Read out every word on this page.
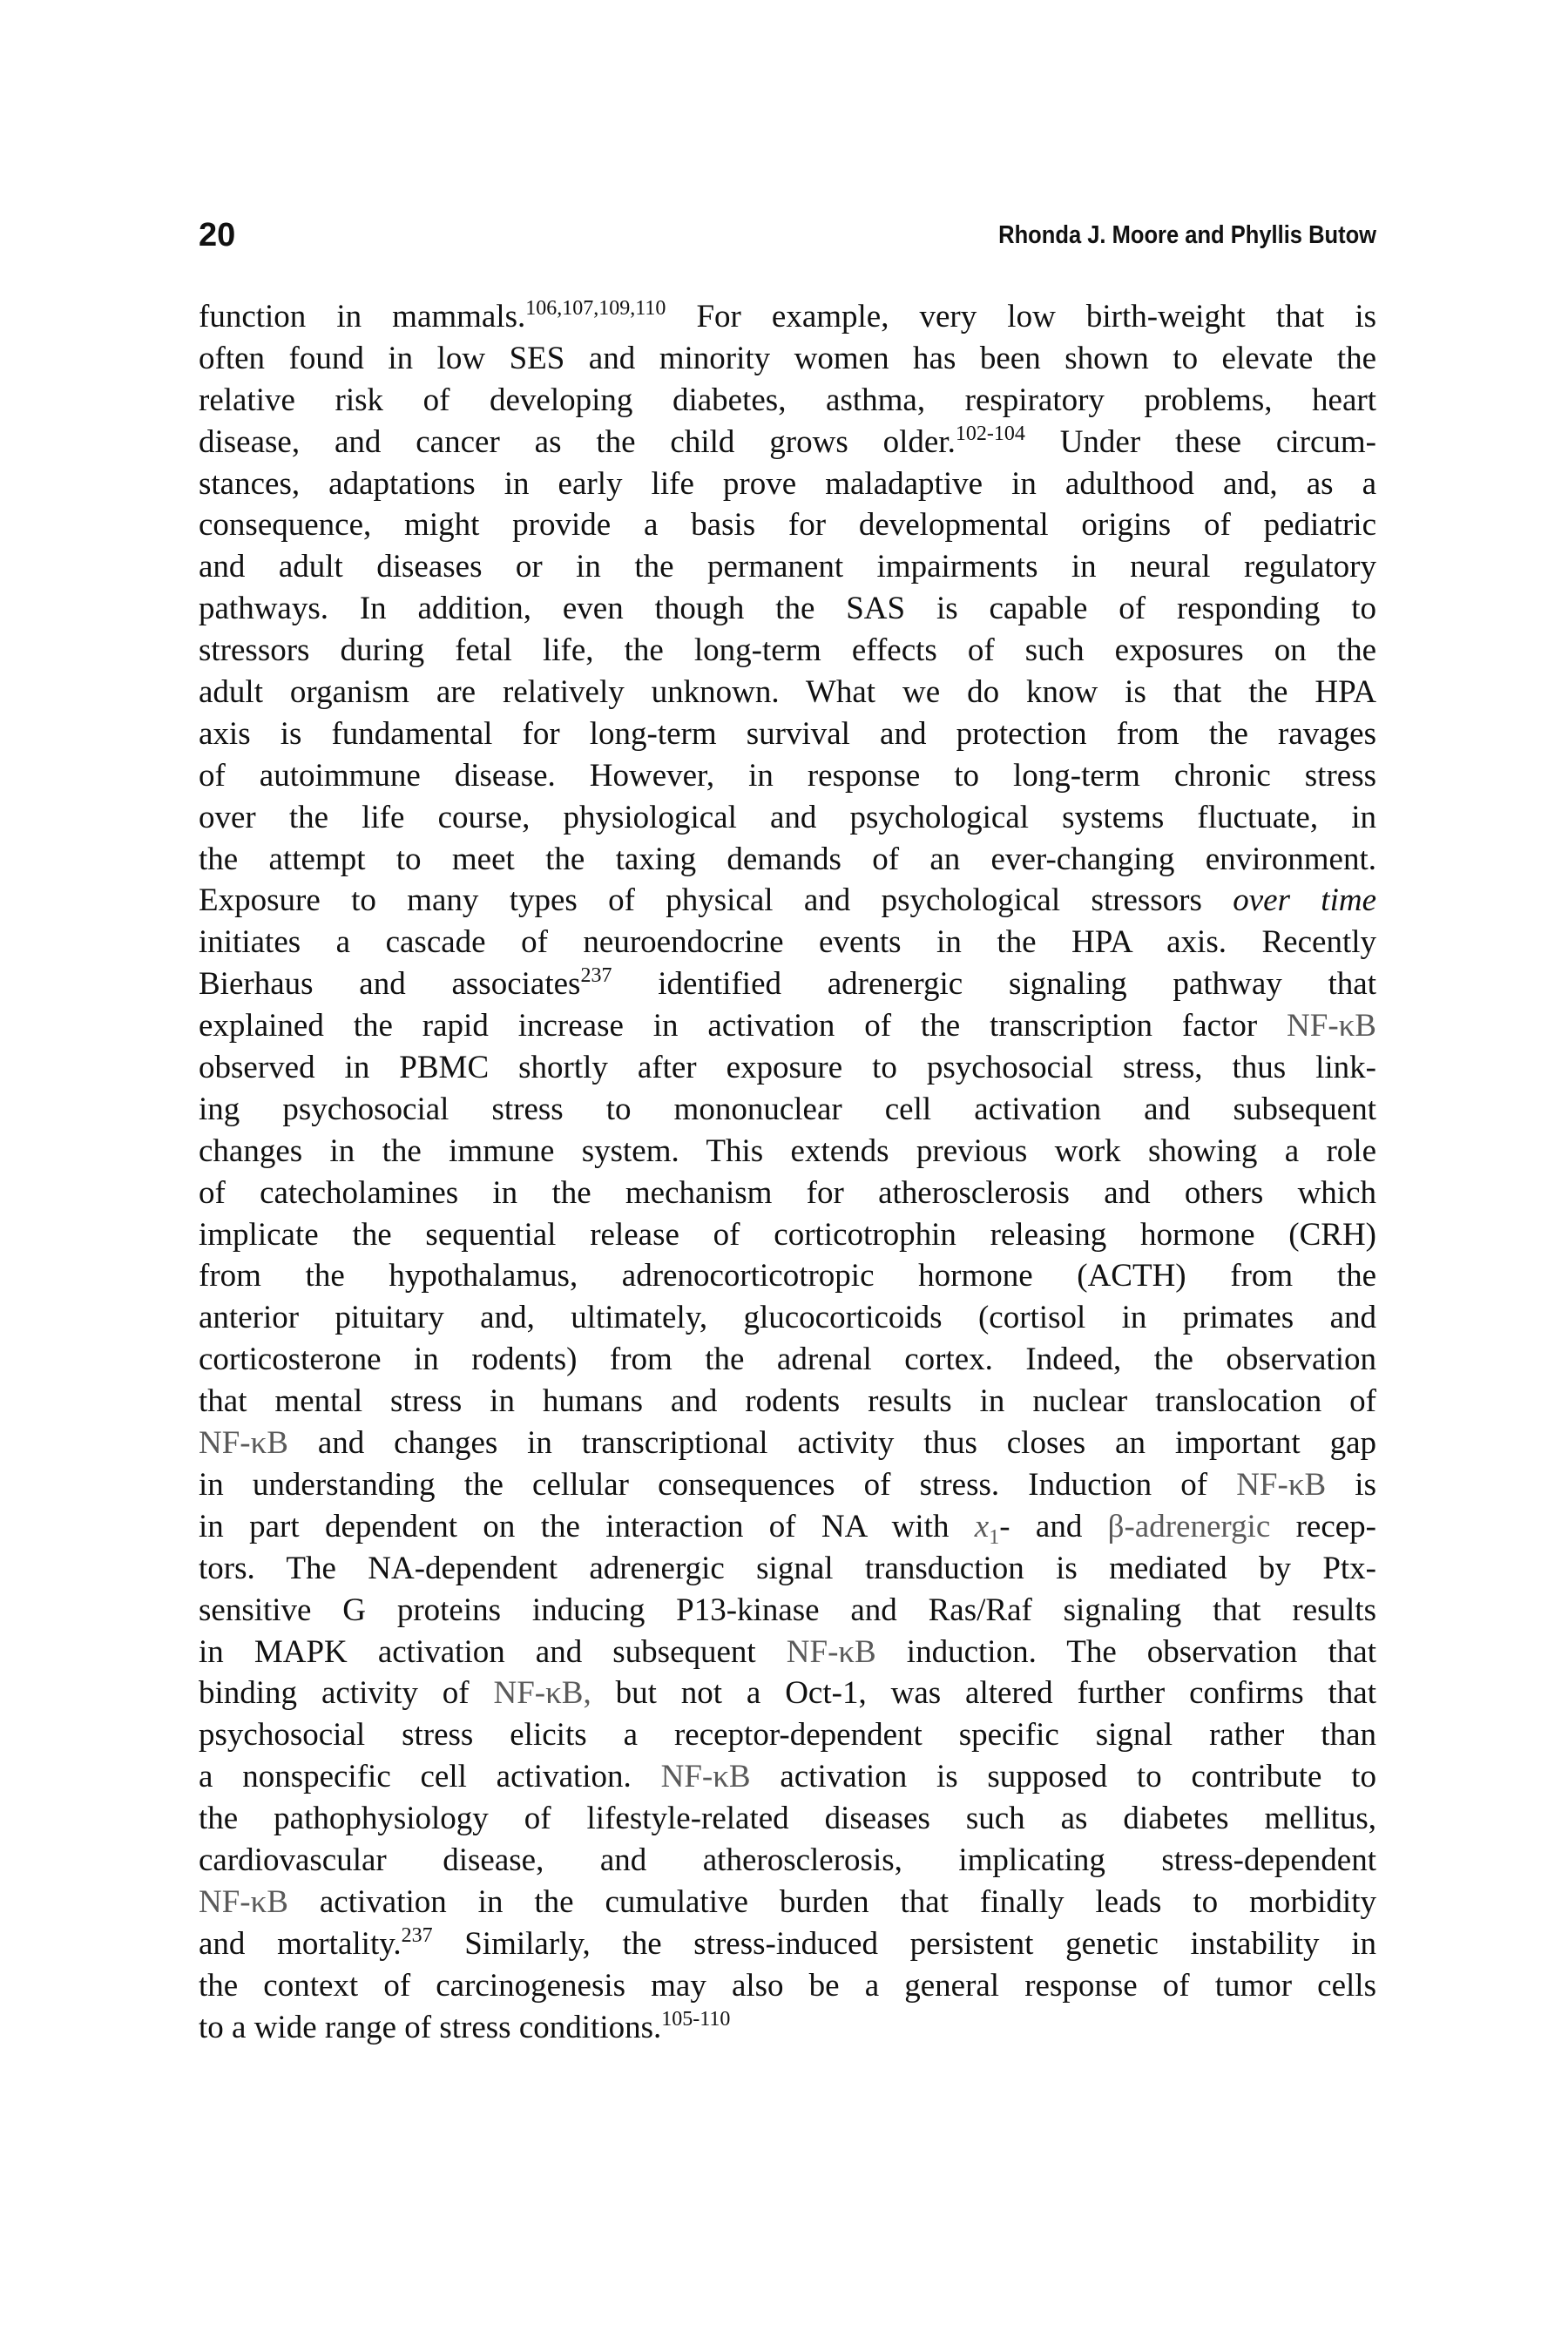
20	Rhonda J. Moore and Phyllis Butow
function in mammals.$^{106,107,109,110}$ For example, very low birth-weight that is
often found in low SES and minority women has been shown to elevate the
relative risk of developing diabetes, asthma, respiratory problems, heart
disease, and cancer as the child grows older.$^{102-104}$ Under these circum-
stances, adaptations in early life prove maladaptive in adulthood and, as a
consequence, might provide a basis for developmental origins of pediatric
and adult diseases or in the permanent impairments in neural regulatory
pathways. In addition, even though the SAS is capable of responding to
stressors during fetal life, the long-term effects of such exposures on the
adult organism are relatively unknown. What we do know is that the HPA
axis is fundamental for long-term survival and protection from the ravages
of autoimmune disease. However, in response to long-term chronic stress
over the life course, physiological and psychological systems fluctuate, in
the attempt to meet the taxing demands of an ever-changing environment.
Exposure to many types of physical and psychological stressors over time
initiates a cascade of neuroendocrine events in the HPA axis. Recently
Bierhaus and associates$^{237}$ identified adrenergic signaling pathway that
explained the rapid increase in activation of the transcription factor NF-κB
observed in PBMC shortly after exposure to psychosocial stress, thus link-
ing psychosocial stress to mononuclear cell activation and subsequent
changes in the immune system. This extends previous work showing a role
of catecholamines in the mechanism for atherosclerosis and others which
implicate the sequential release of corticotrophin releasing hormone (CRH)
from the hypothalamus, adrenocorticotropic hormone (ACTH) from the
anterior pituitary and, ultimately, glucocorticoids (cortisol in primates and
corticosterone in rodents) from the adrenal cortex. Indeed, the observation
that mental stress in humans and rodents results in nuclear translocation of
NF-κB and changes in transcriptional activity thus closes an important gap
in understanding the cellular consequences of stress. Induction of NF-κB is
in part dependent on the interaction of NA with $x_1-$ and β-adrenergic recep-
tors. The NA-dependent adrenergic signal transduction is mediated by Ptx-
sensitive G proteins inducing P13-kinase and Ras/Raf signaling that results
in MAPK activation and subsequent NF-κB induction. The observation that
binding activity of NF-κB, but not a Oct-1, was altered further confirms that
psychosocial stress elicits a receptor-dependent specific signal rather than
a nonspecific cell activation. NF-κB activation is supposed to contribute to
the pathophysiology of lifestyle-related diseases such as diabetes mellitus,
cardiovascular disease, and atherosclerosis, implicating stress-dependent
NF-κB activation in the cumulative burden that finally leads to morbidity
and mortality.$^{237}$ Similarly, the stress-induced persistent genetic instability in
the context of carcinogenesis may also be a general response of tumor cells
to a wide range of stress conditions.$^{105-110}$
